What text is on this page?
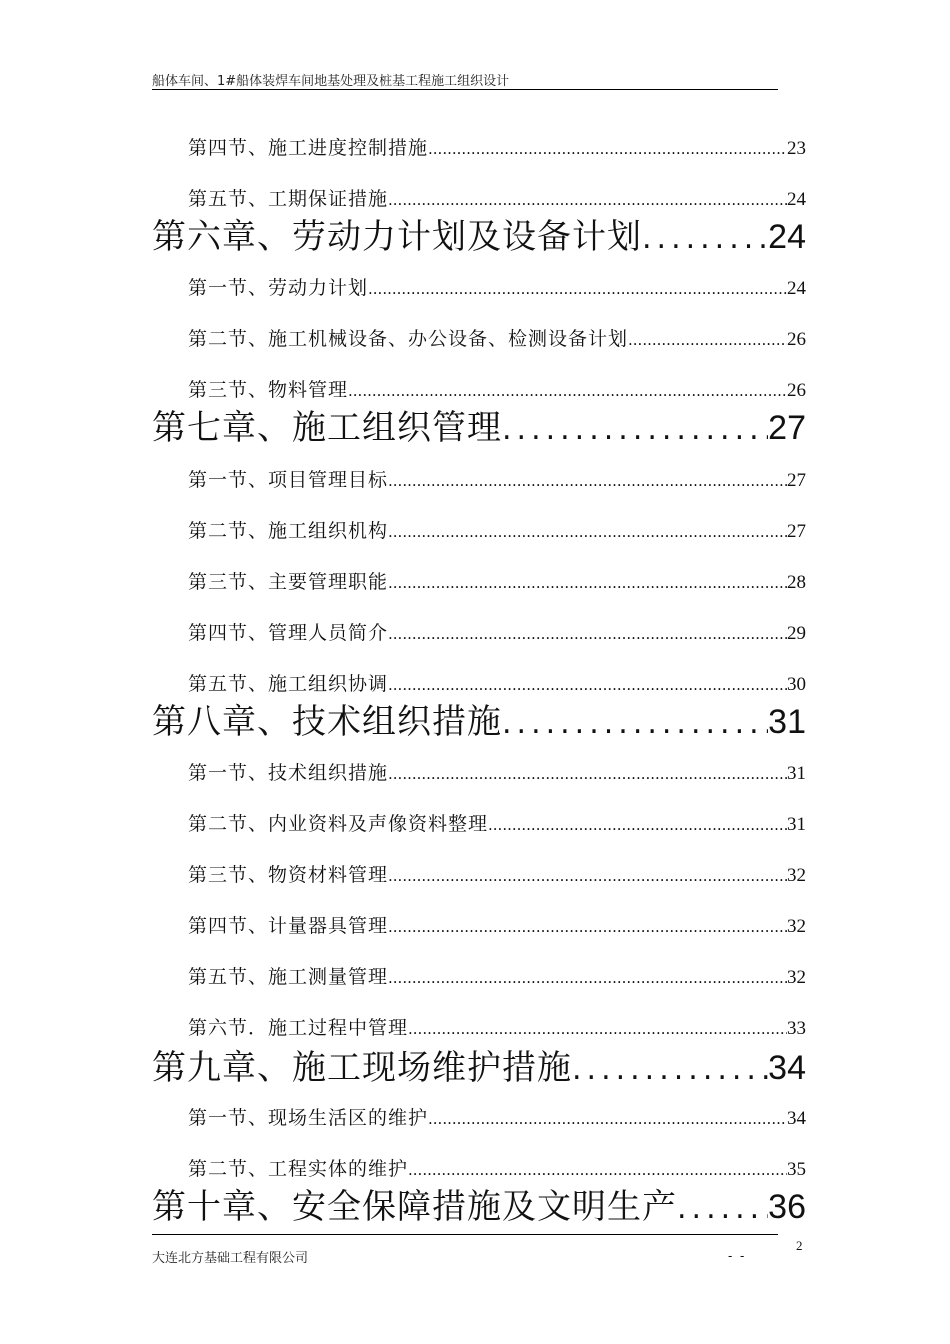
船体车间、1#船体装焊车间地基处理及桩基工程施工组织设计
第四节、施工进度控制措施 .....	23
第五节、工期保证措施 .....	24
第六章、劳动力计划及设备计划 .....	24
第一节、劳动力计划 .....	24
第二节、施工机械设备、办公设备、检测设备计划 .....	26
第三节、物料管理 .....	26
第七章、施工组织管理 .....	27
第一节、项目管理目标 .....	27
第二节、施工组织机构 .....	27
第三节、主要管理职能 .....	28
第四节、管理人员简介 .....	29
第五节、施工组织协调 .....	30
第八章、技术组织措施 .....	31
第一节、技术组织措施 .....	31
第二节、内业资料及声像资料整理 .....	31
第三节、物资材料管理 .....	32
第四节、计量器具管理 .....	32
第五节、施工测量管理 .....	32
第六节．施工过程中管理 .....	33
第九章、施工现场维护措施 .....	34
第一节、现场生活区的维护 .....	34
第二节、工程实体的维护 .....	35
第十章、安全保障措施及文明生产 .....	36
大连北方基础工程有限公司	- -
2
